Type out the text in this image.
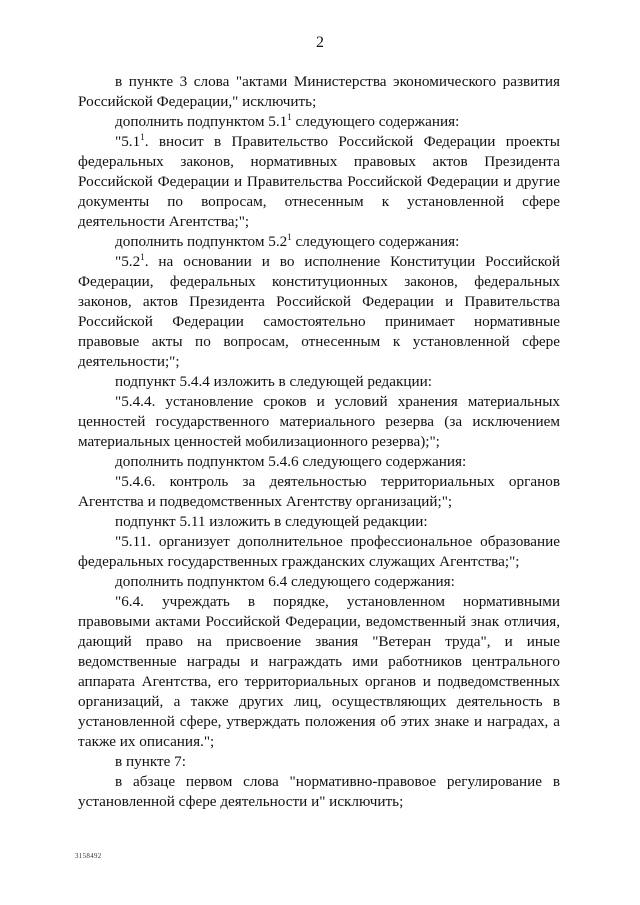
2

в пункте 3 слова "актами Министерства экономического развития Российской Федерации," исключить;

дополнить подпунктом $5.1^1$ следующего содержания:

"$5.1^1$. вносит в Правительство Российской Федерации проекты федеральных законов, нормативных правовых актов Президента Российской Федерации и Правительства Российской Федерации и другие документы по вопросам, отнесенным к установленной сфере деятельности Агентства;";

дополнить подпунктом $5.2^1$ следующего содержания:

"$5.2^1$. на основании и во исполнение Конституции Российской Федерации, федеральных конституционных законов, федеральных законов, актов Президента Российской Федерации и Правительства Российской Федерации самостоятельно принимает нормативные правовые акты по вопросам, отнесенным к установленной сфере деятельности;";

подпункт 5.4.4 изложить в следующей редакции:

"5.4.4. установление сроков и условий хранения материальных ценностей государственного материального резерва (за исключением материальных ценностей мобилизационного резерва);";

дополнить подпунктом 5.4.6 следующего содержания:

"5.4.6. контроль за деятельностью территориальных органов Агентства и подведомственных Агентству организаций;";

подпункт 5.11 изложить в следующей редакции:

"5.11. организует дополнительное профессиональное образование федеральных государственных гражданских служащих Агентства;";

дополнить подпунктом 6.4 следующего содержания:

"6.4. учреждать в порядке, установленном нормативными правовыми актами Российской Федерации, ведомственный знак отличия, дающий право на присвоение звания "Ветеран труда", и иные ведомственные награды и награждать ими работников центрального аппарата Агентства, его территориальных органов и подведомственных организаций, а также других лиц, осуществляющих деятельность в установленной сфере, утверждать положения об этих знаке и наградах, а также их описания.";

в пункте 7:

в абзаце первом слова "нормативно-правовое регулирование в установленной сфере деятельности и" исключить;

3158492
